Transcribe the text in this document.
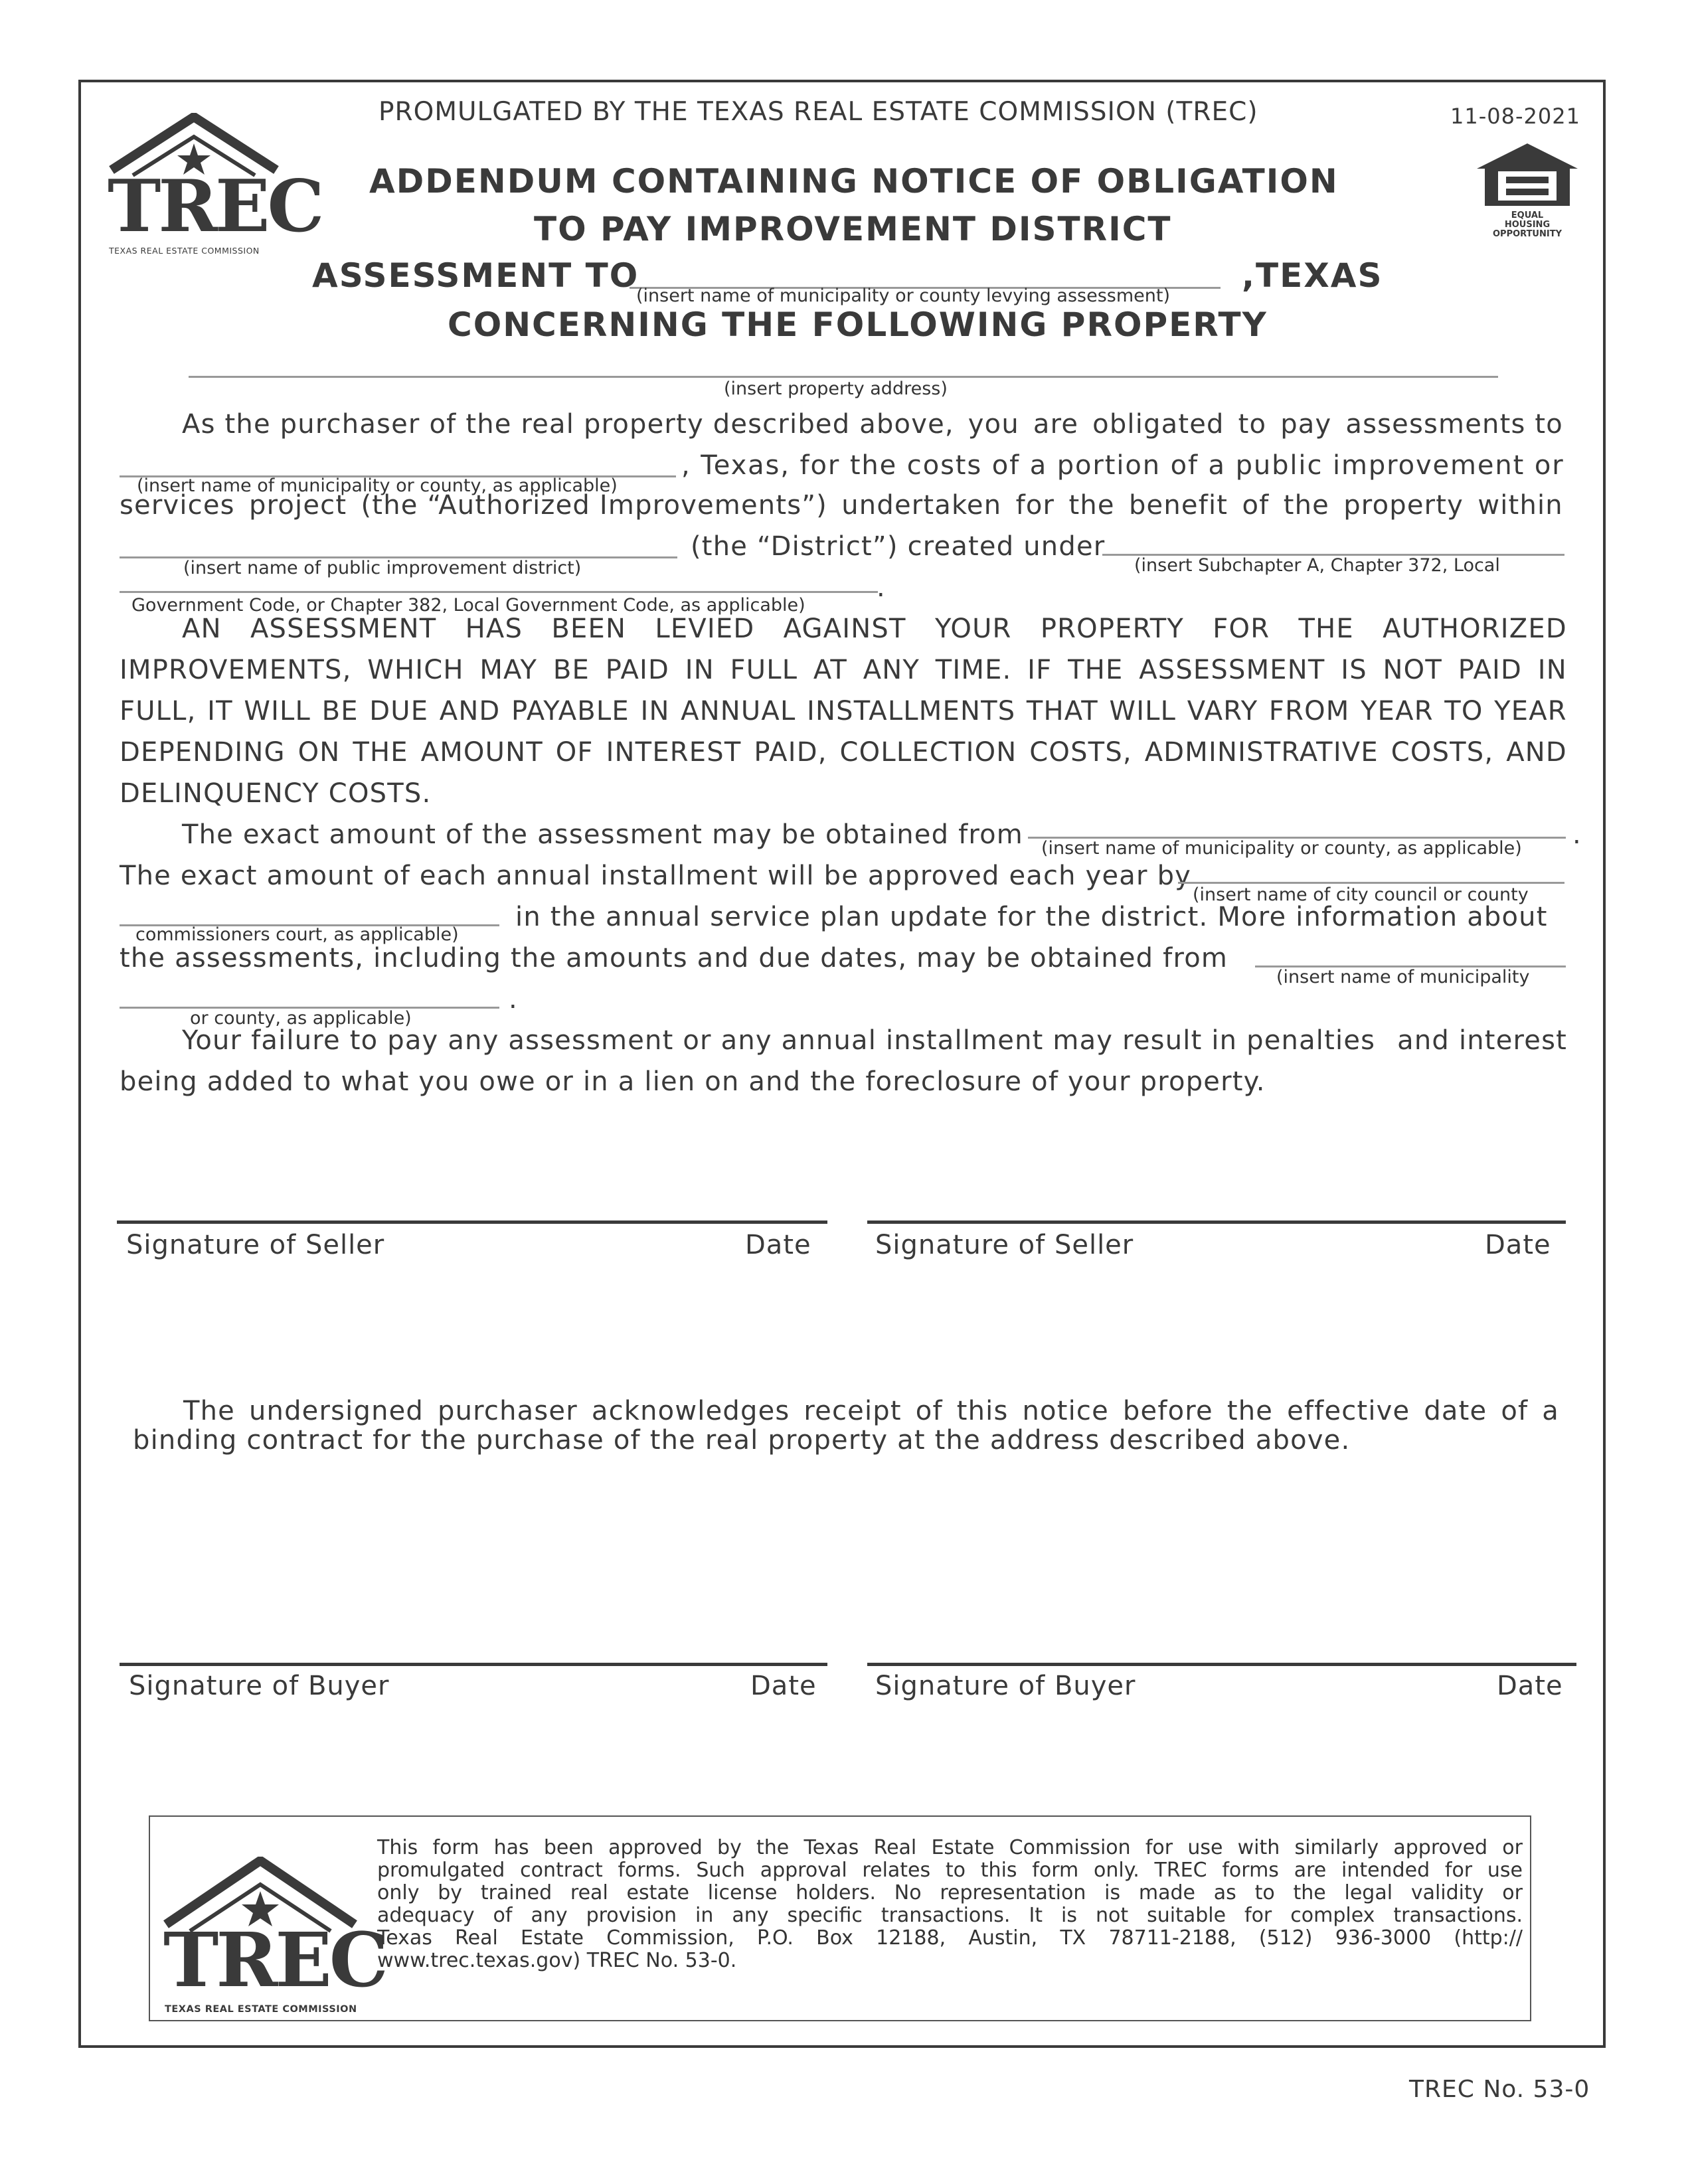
PROMULGATED BY THE TEXAS REAL ESTATE COMMISSION (TREC)	11-08-2021
TREC
TEXAS REAL ESTATE COMMISSION
EQUAL
HOUSING
OPPORTUNITY
ADDENDUM CONTAINING NOTICE OF OBLIGATION
TO PAY IMPROVEMENT DISTRICT
ASSESSMENT TO
(insert name of municipality or county levying assessment)
,TEXAS
CONCERNING THE FOLLOWING PROPERTY
(insert property address)
As the purchaser of the real property described above, you are obligated to pay assessments to
(insert name of municipality or county, as applicable)
, Texas, for the costs of a portion of a public improvement or
services project (the “Authorized Improvements”) undertaken for the benefit of the property within
(insert name of public improvement district)
(the “District”) created under
(insert Subchapter A, Chapter 372, Local
Government Code, or Chapter 382, Local Government Code, as applicable)
.
AN ASSESSMENT HAS BEEN LEVIED AGAINST YOUR PROPERTY FOR THE AUTHORIZED
IMPROVEMENTS, WHICH MAY BE PAID IN FULL AT ANY TIME. IF THE ASSESSMENT IS NOT PAID IN
FULL, IT WILL BE DUE AND PAYABLE IN ANNUAL INSTALLMENTS THAT WILL VARY FROM YEAR TO YEAR
DEPENDING ON THE AMOUNT OF INTEREST PAID, COLLECTION COSTS, ADMINISTRATIVE COSTS, AND
DELINQUENCY COSTS.
The exact amount of the assessment may be obtained from (insert name of municipality or county, as applicable) .
The exact amount of each annual installment will be approved each year by
(insert name of city council or county
commissioners court, as applicable)
in the annual service plan update for the district. More information about
the assessments, including the amounts and due dates, may be obtained from
(insert name of municipality
or county, as applicable)
.
Your failure to pay any assessment or any annual installment may result in penalties and interest
being added to what you owe or in a lien on and the foreclosure of your property.
Signature of Seller	Date Signature of Seller	Date
The undersigned purchaser acknowledges receipt of this notice before the effective date of a
binding contract for the purchase of the real property at the address described above.
Signature of Buyer	Date Signature of Buyer	Date
TREC
TEXAS REAL ESTATE COMMISSION
This form has been approved by the Texas Real Estate Commission for use with similarly approved or
promulgated contract forms. Such approval relates to this form only. TREC forms are intended for use
only by trained real estate license holders. No representation is made as to the legal validity or
adequacy of any provision in any specific transactions. It is not suitable for complex transactions.
Texas Real Estate Commission, P.O. Box 12188, Austin, TX 78711-2188, (512) 936-3000 (http://
www.trec.texas.gov) TREC No. 53-0.
TREC No. 53-0
